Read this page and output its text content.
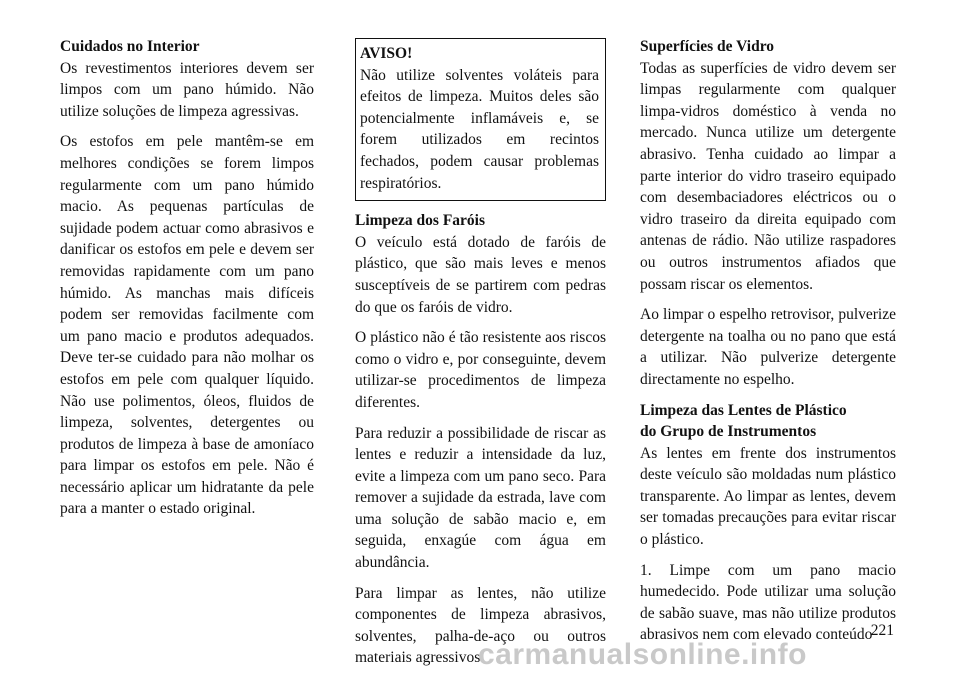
Cuidados no Interior

Os revestimentos interiores devem ser limpos com um pano húmido. Não utilize soluções de limpeza agressivas.

Os estofos em pele mantêm-se em melhores condições se forem limpos regularmente com um pano húmido macio. As pequenas partículas de sujidade podem actuar como abrasivos e danificar os estofos em pele e devem ser removidas rapidamente com um pano húmido. As manchas mais difíceis podem ser removidas facilmente com um pano macio e produtos adequados. Deve ter-se cuidado para não molhar os estofos em pele com qualquer líquido. Não use polimentos, óleos, fluidos de limpeza, solventes, detergentes ou produtos de limpeza à base de amoníaco para limpar os estofos em pele. Não é necessário aplicar um hidratante da pele para a manter o estado original.

AVISO!

Não utilize solventes voláteis para efeitos de limpeza. Muitos deles são potencialmente inflamáveis e, se forem utilizados em recintos fechados, podem causar problemas respiratórios.

Limpeza dos Faróis

O veículo está dotado de faróis de plástico, que são mais leves e menos susceptíveis de se partirem com pedras do que os faróis de vidro.

O plástico não é tão resistente aos riscos como o vidro e, por conseguinte, devem utilizar-se procedimentos de limpeza diferentes.

Para reduzir a possibilidade de riscar as lentes e reduzir a intensidade da luz, evite a limpeza com um pano seco. Para remover a sujidade da estrada, lave com uma solução de sabão macio e, em seguida, enxagúe com água em abundância.

Para limpar as lentes, não utilize componentes de limpeza abrasivos, solventes, palha-de-aço ou outros materiais agressivos.

Superfícies de Vidro

Todas as superfícies de vidro devem ser limpas regularmente com qualquer limpa-vidros doméstico à venda no mercado. Nunca utilize um detergente abrasivo. Tenha cuidado ao limpar a parte interior do vidro traseiro equipado com desembaciadores eléctricos ou o vidro traseiro da direita equipado com antenas de rádio. Não utilize raspadores ou outros instrumentos afiados que possam riscar os elementos.

Ao limpar o espelho retrovisor, pulverize detergente na toalha ou no pano que está a utilizar. Não pulverize detergente directamente no espelho.

Limpeza das Lentes de Plástico
do Grupo de Instrumentos

As lentes em frente dos instrumentos deste veículo são moldadas num plástico transparente. Ao limpar as lentes, devem ser tomadas precauções para evitar riscar o plástico.

1. Limpe com um pano macio humedecido. Pode utilizar uma solução de sabão suave, mas não utilize produtos abrasivos nem com elevado conteúdo

221
carmanualsonline.info
